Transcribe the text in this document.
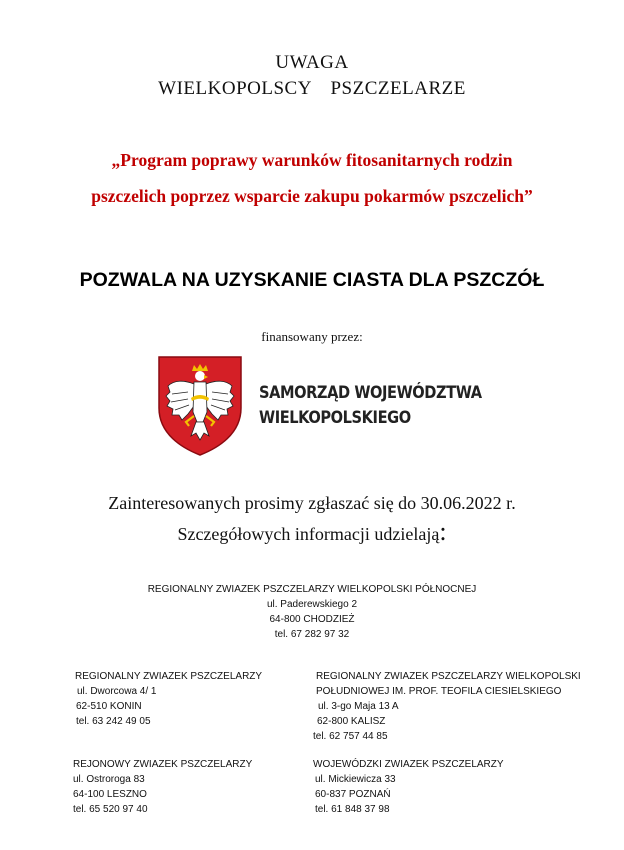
UWAGA
WIELKOPOLSCY PSZCZELARZE
„Program poprawy warunków fitosanitarnych rodzin
pszczelich poprzez wsparcie zakupu pokarmów pszczelich”
POZWALA NA UZYSKANIE CIASTA DLA PSZCZÓŁ
finansowany przez:
SAMORZĄD WOJEWÓDZTWA
WIELKOPOLSKIEGO
Zainteresowanych prosimy zgłaszać się do 30.06.2022 r.
Szczegółowych informacji udzielają:
REGIONALNY ZWIAZEK PSZCZELARZY WIELKOPOLSKI PÓŁNOCNEJ
ul. Paderewskiego 2
64-800 CHODZIEŻ
tel. 67 282 97 32
REGIONALNY ZWIAZEK PSZCZELARZY
ul. Dworcowa 4/ 1
62-510 KONIN
tel. 63 242 49 05
REGIONALNY ZWIAZEK PSZCZELARZY WIELKOPOLSKI
POŁUDNIOWEJ IM. PROF. TEOFILA CIESIELSKIEGO
ul. 3-go Maja 13 A
62-800 KALISZ
tel. 62 757 44 85
REJONOWY ZWIAZEK PSZCZELARZY
ul. Ostroroga 83
64-100 LESZNO
tel. 65 520 97 40
WOJEWÓDZKI ZWIAZEK PSZCZELARZY
ul. Mickiewicza 33
60-837 POZNAŃ
tel. 61 848 37 98
